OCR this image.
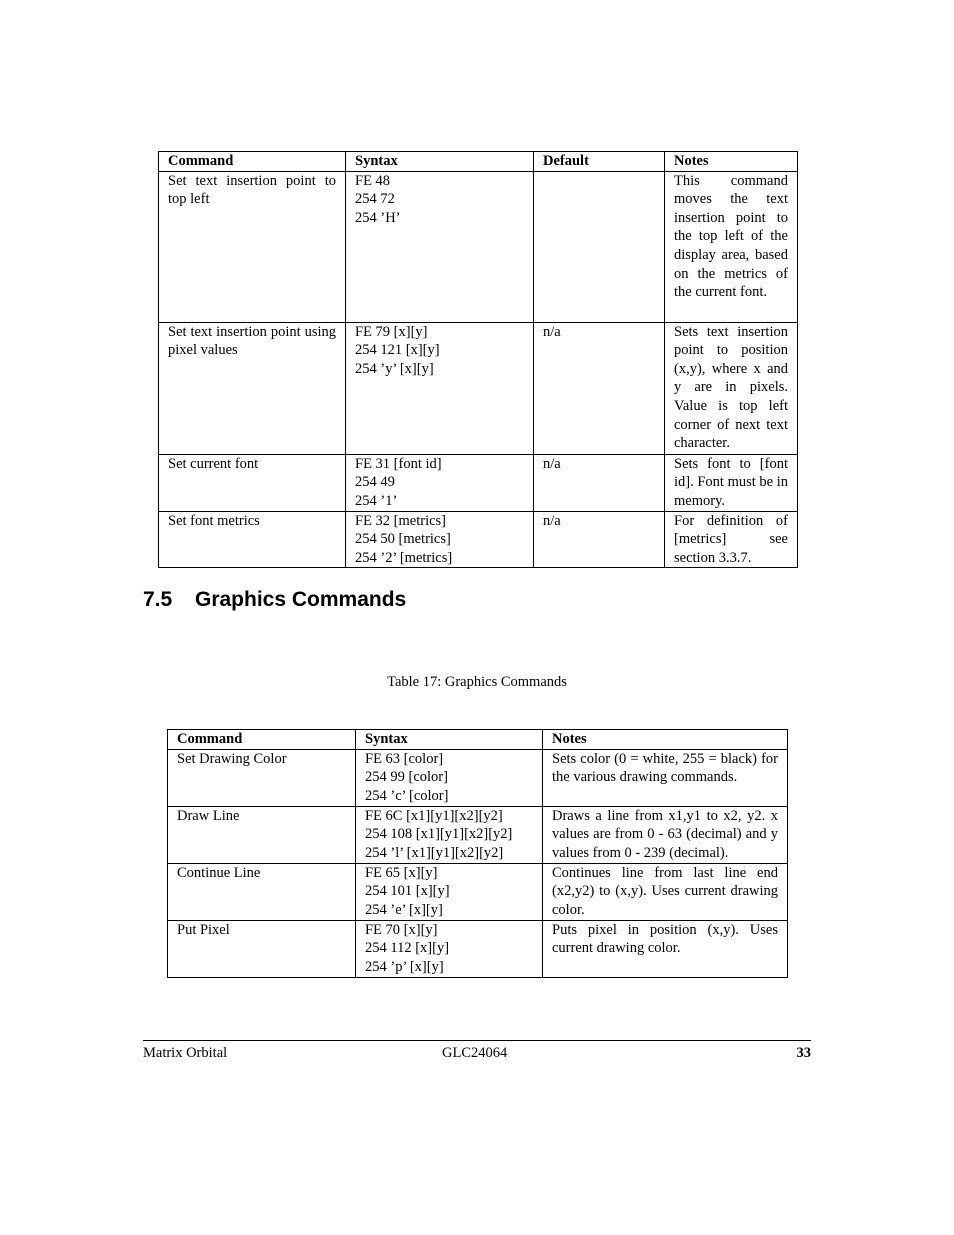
Command	Syntax	Default	Notes
Set text insertion point to top left	FE 48
254 72
254 ’H’		This command moves the text insertion point to the top left of the display area, based on the metrics of the current font.
Set text insertion point using pixel values	FE 79 [x][y]
254 121 [x][y]
254 ’y’ [x][y]	n/a	Sets text insertion point to position (x,y), where x and y are in pixels. Value is top left corner of next text character.
Set current font	FE 31 [font id]
254 49
254 ’1’	n/a	Sets font to [font id]. Font must be in memory.
Set font metrics	FE 32 [metrics]
254 50 [metrics]
254 ’2’ [metrics]	n/a	For definition of [metrics] see section 3.3.7.
7.5 Graphics Commands
Table 17: Graphics Commands
Command	Syntax	Notes
Set Drawing Color	FE 63 [color]
254 99 [color]
254 ’c’ [color]	Sets color (0 = white, 255 = black) for the various drawing commands.
Draw Line	FE 6C [x1][y1][x2][y2]
254 108 [x1][y1][x2][y2]
254 ’l’ [x1][y1][x2][y2]	Draws a line from x1,y1 to x2, y2. x values are from 0 - 63 (decimal) and y values from 0 - 239 (decimal).
Continue Line	FE 65 [x][y]
254 101 [x][y]
254 ’e’ [x][y]	Continues line from last line end (x2,y2) to (x,y). Uses current drawing color.
Put Pixel	FE 70 [x][y]
254 112 [x][y]
254 ’p’ [x][y]	Puts pixel in position (x,y). Uses current drawing color.
Matrix Orbital	GLC24064	33
